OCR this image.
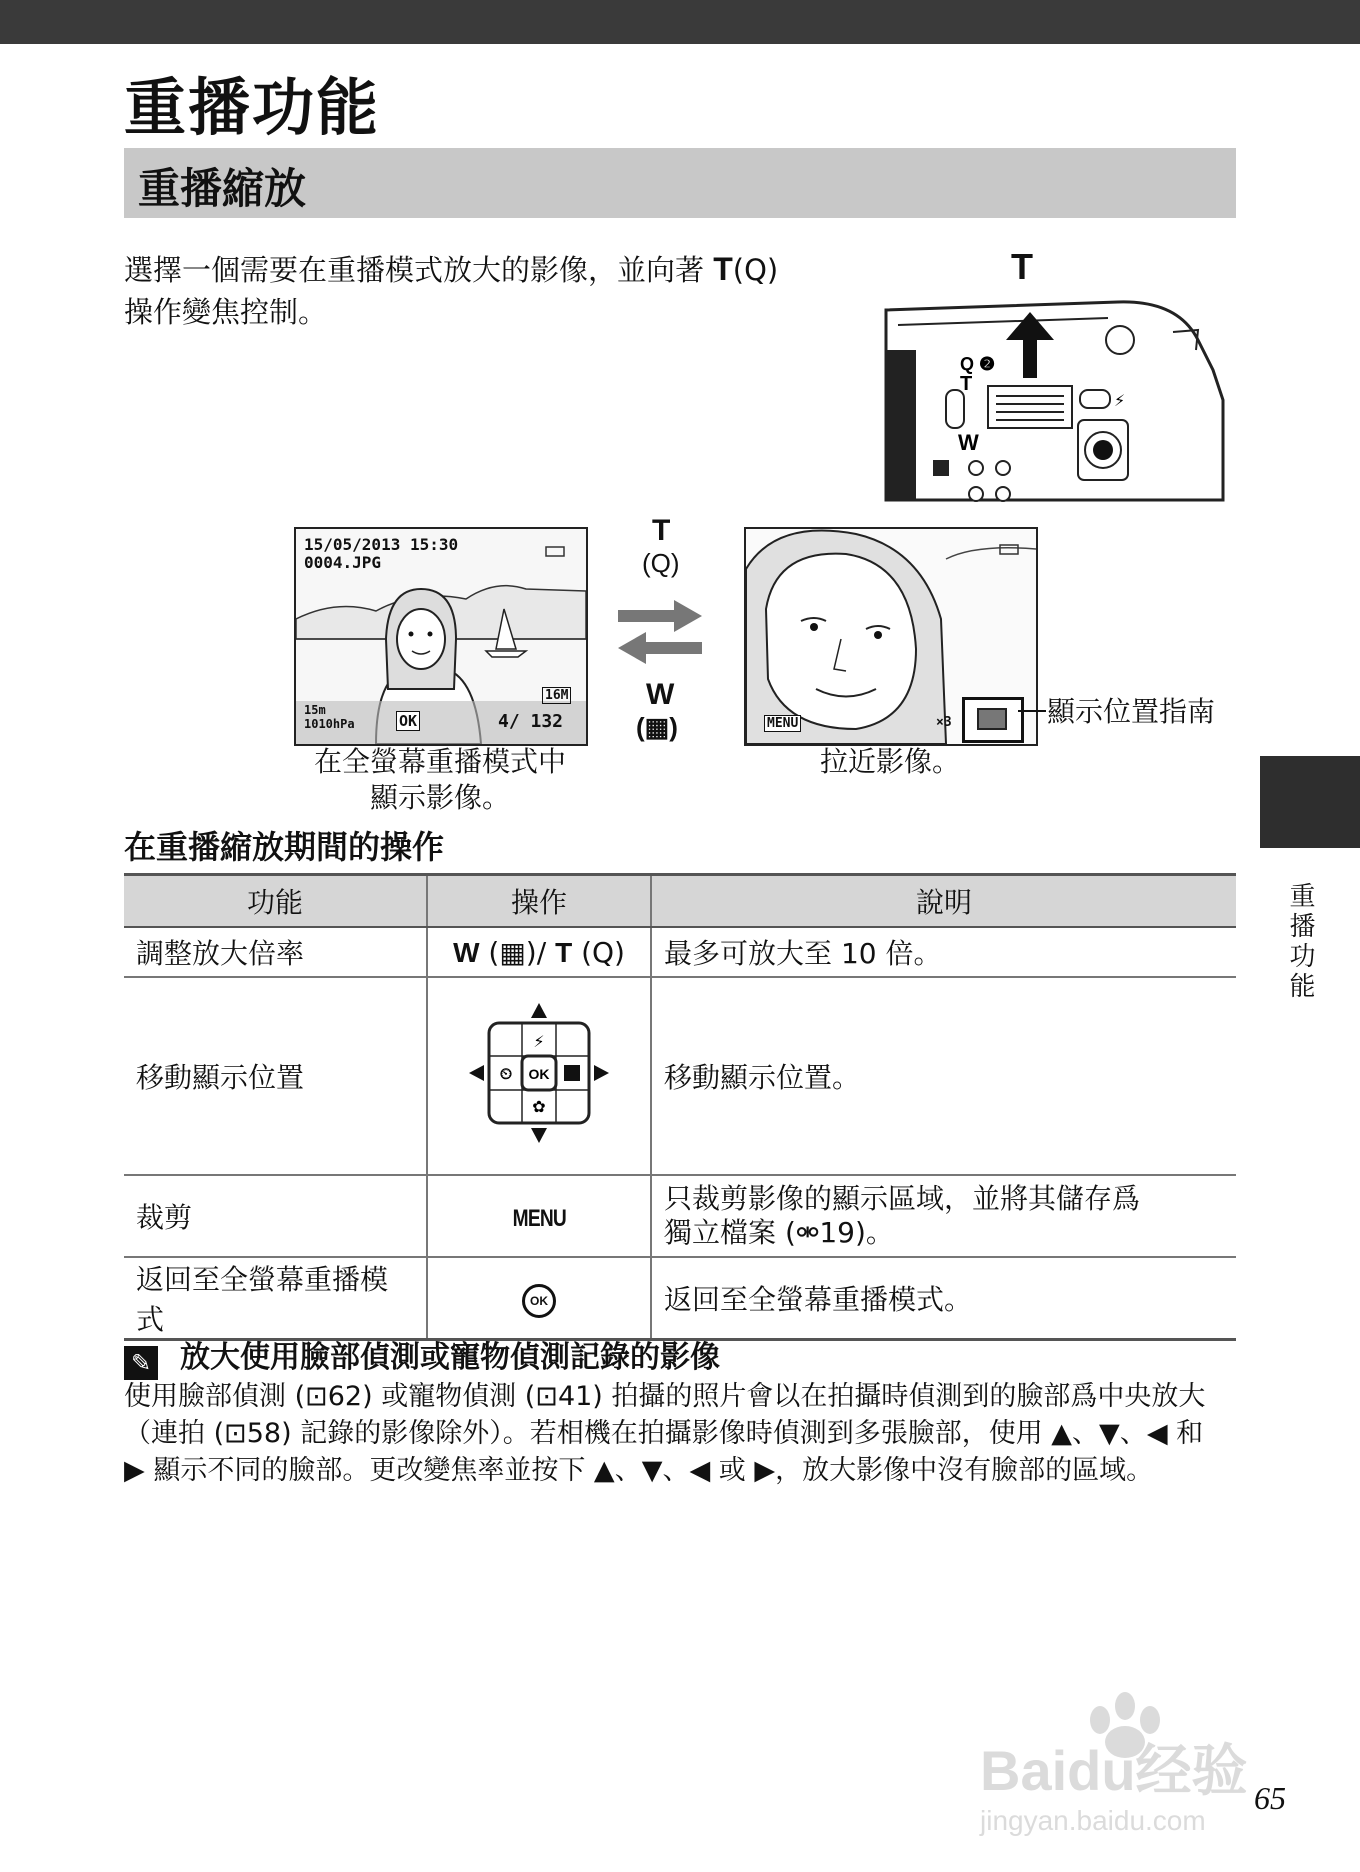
重播功能
重播縮放
選擇一個需要在重播模式放大的影像，並向著 T(Q)
操作變焦控制。
Q ❷
T
W
⚡
T
15/05/2013 15:30
0004.JPG
16M
15m
1010hPa	OK	4/ 132
在全螢幕重播模式中
顯示影像。
T
(Q)
W
(▦)	MENU	×3	顯示位置指南
拉近影像。
在重播縮放期間的操作
功能	操作	說明
調整放大倍率	W (▦)/ T (Q)	最多可放大至 10 倍。
移動顯示位置	OK
⚡
⏲
✿	移動顯示位置。
裁剪	MENU	只裁剪影像的顯示區域，並將其儲存爲
獨立檔案 (⚮19)。

返回至全螢幕重播模式	OK	返回至全螢幕重播模式。
✎ 放大使用臉部偵測或寵物偵測記錄的影像
使用臉部偵測 (⊡62) 或寵物偵測 (⊡41) 拍攝的照片會以在拍攝時偵測到的臉部爲中央放大
（連拍 (⊡58) 記錄的影像除外）。若相機在拍攝影像時偵測到多張臉部，使用 ▲、▼、◀ 和
▶ 顯示不同的臉部。更改變焦率並按下 ▲、▼、◀ 或 ▶，放大影像中沒有臉部的區域。
重播功能
Baidu经验
jingyan.baidu.com
65
